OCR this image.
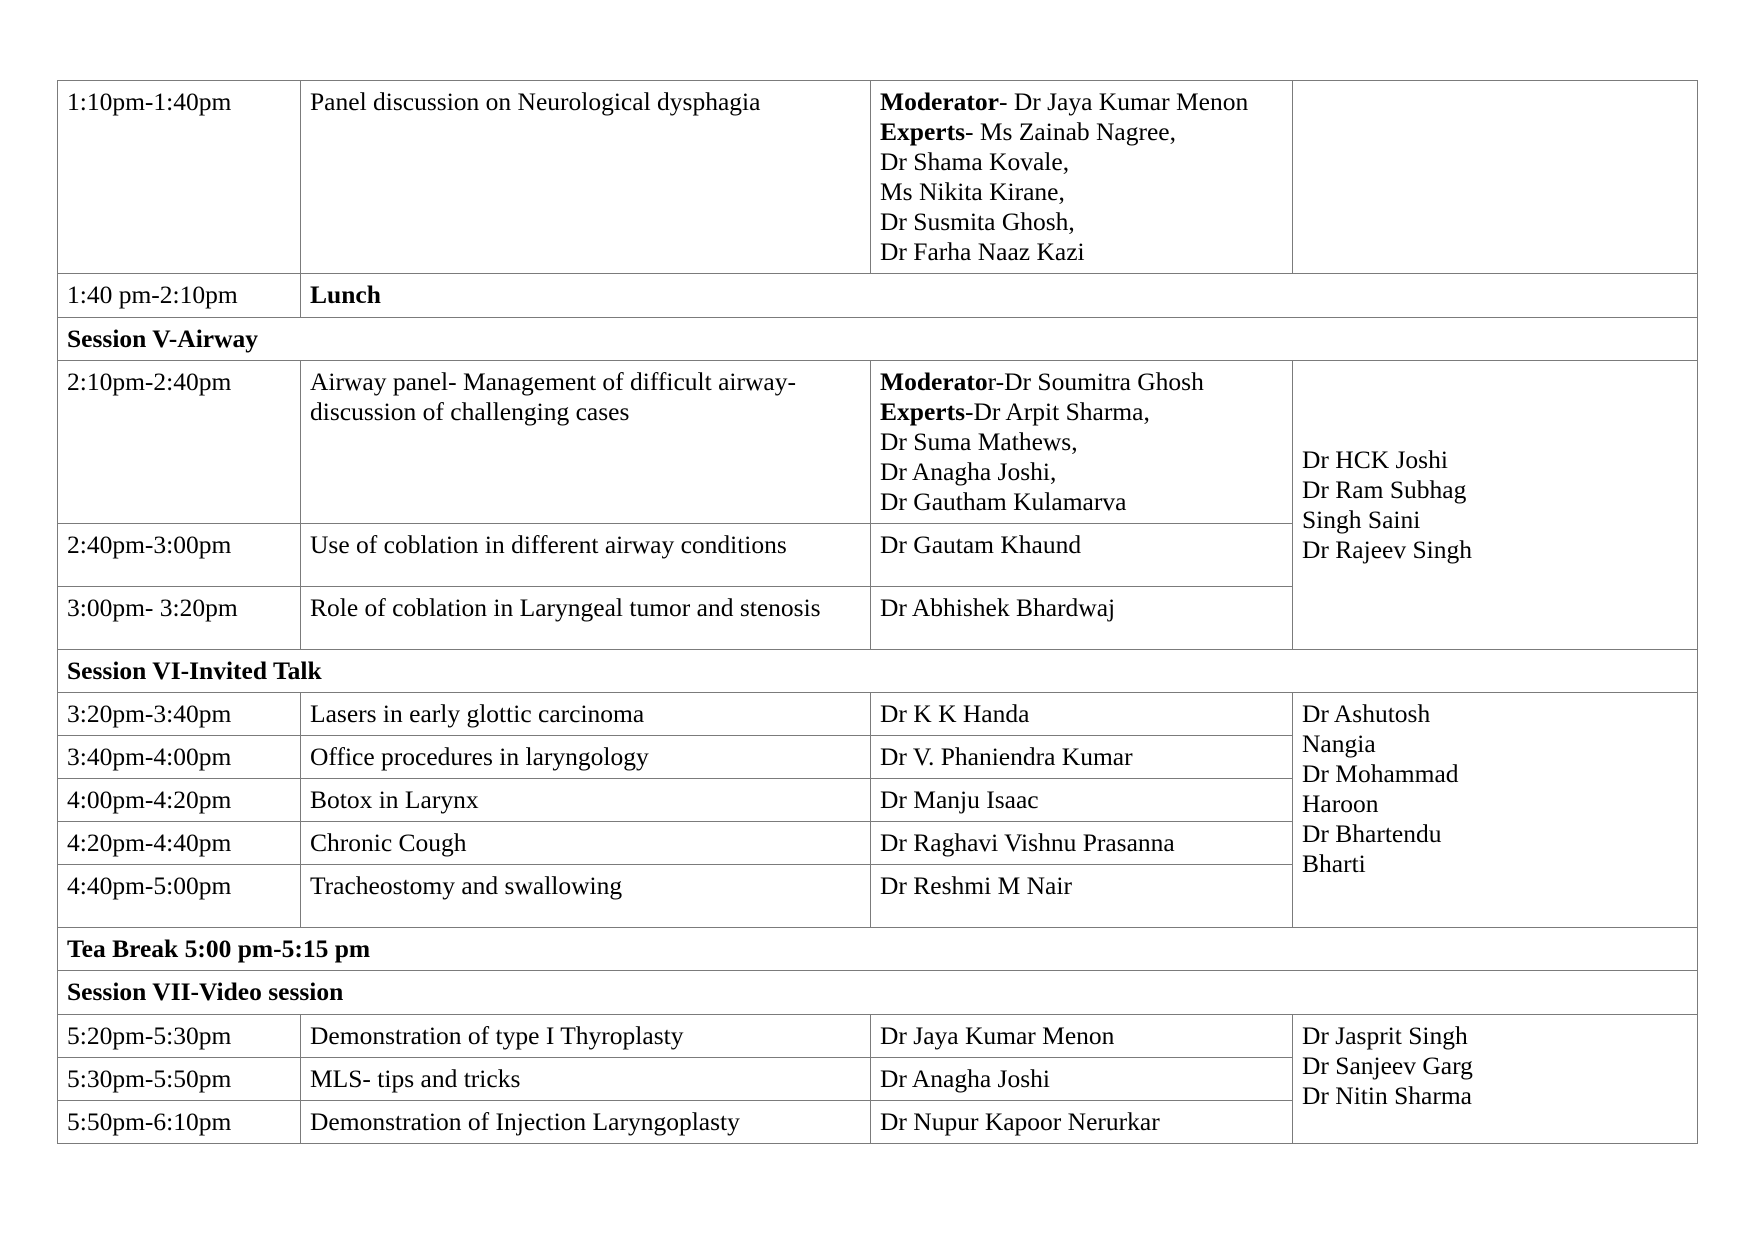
1:10pm-1:40pm	Panel discussion on Neurological dysphagia	Moderator- Dr Jaya Kumar Menon
Experts- Ms Zainab Nagree,
Dr Shama Kovale,
Ms Nikita Kirane,
Dr Susmita Ghosh,
Dr Farha Naaz Kazi

1:40 pm-2:10pm	Lunch		
Session V-Airway			
2:10pm-2:40pm	Airway panel- Management of difficult airway-
discussion of challenging cases	Moderator-Dr Soumitra Ghosh
Experts-Dr Arpit Sharma,
Dr Suma Mathews,
Dr Anagha Joshi,
Dr Gautham Kulamarva	Dr HCK Joshi
Dr Ram Subhag
Singh Saini
Dr Rajeev Singh

2:40pm-3:00pm	Use of coblation in different airway conditions	Dr Gautam Khaund	
3:00pm- 3:20pm	Role of coblation in Laryngeal tumor and stenosis	Dr Abhishek Bhardwaj	
Session VI-Invited Talk			
3:20pm-3:40pm	Lasers in early glottic carcinoma	Dr K K Handa	Dr Ashutosh
Nangia
Dr Mohammad
Haroon
Dr Bhartendu
Bharti

3:40pm-4:00pm	Office procedures in laryngology	Dr V. Phaniendra Kumar	
4:00pm-4:20pm	Botox in Larynx	Dr Manju Isaac	
4:20pm-4:40pm	Chronic Cough	Dr Raghavi Vishnu Prasanna	
4:40pm-5:00pm	Tracheostomy and swallowing	Dr Reshmi M Nair	
Tea Break 5:00 pm-5:15 pm			
Session VII-Video session			
5:20pm-5:30pm	Demonstration of type I Thyroplasty	Dr Jaya Kumar Menon	Dr Jasprit Singh
Dr Sanjeev Garg
Dr Nitin Sharma

5:30pm-5:50pm	MLS- tips and tricks	Dr Anagha Joshi	
5:50pm-6:10pm	Demonstration of Injection Laryngoplasty	Dr Nupur Kapoor Nerurkar	
